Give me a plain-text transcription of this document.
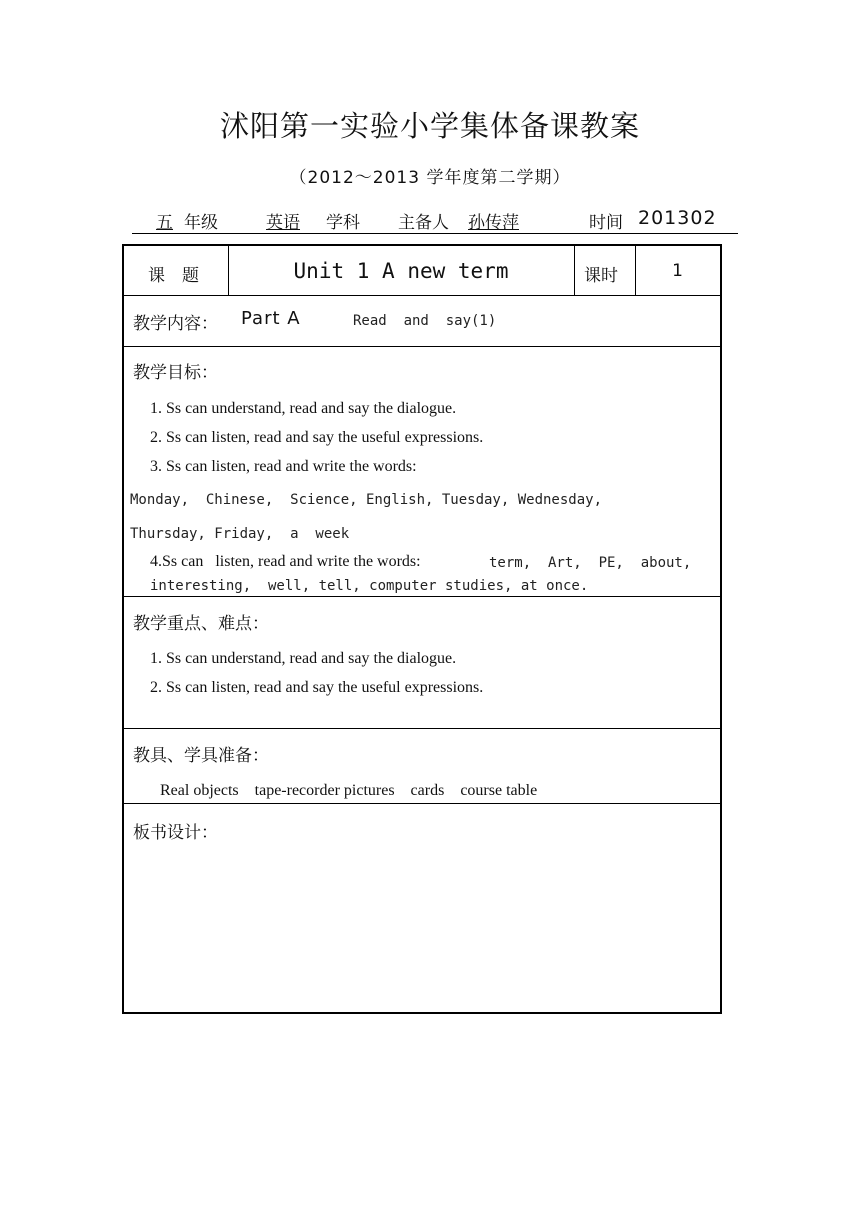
沭阳第一实验小学集体备课教案
（2012～2013 学年度第二学期）
五 年级	英语 学科 主备人 孙传萍	时间 201302
课　题	Unit 1 A new term	课时	1
教学内容： Part A	Read  and  say(1)
教学目标：
1. Ss can understand, read and say the dialogue.
2. Ss can listen, read and say the useful expressions.
3. Ss can listen, read and write the words:
Monday,  Chinese,  Science, English, Tuesday, Wednesday,
Thursday, Friday,  a  week
4.Ss can   listen, read and write the words:	term,  Art,  PE,  about,
interesting,  well, tell, computer studies, at once.
教学重点、难点：
1. Ss can understand, read and say the dialogue.
2. Ss can listen, read and say the useful expressions.
教具、学具准备：
Real objects    tape-recorder pictures    cards    course table
板书设计：
